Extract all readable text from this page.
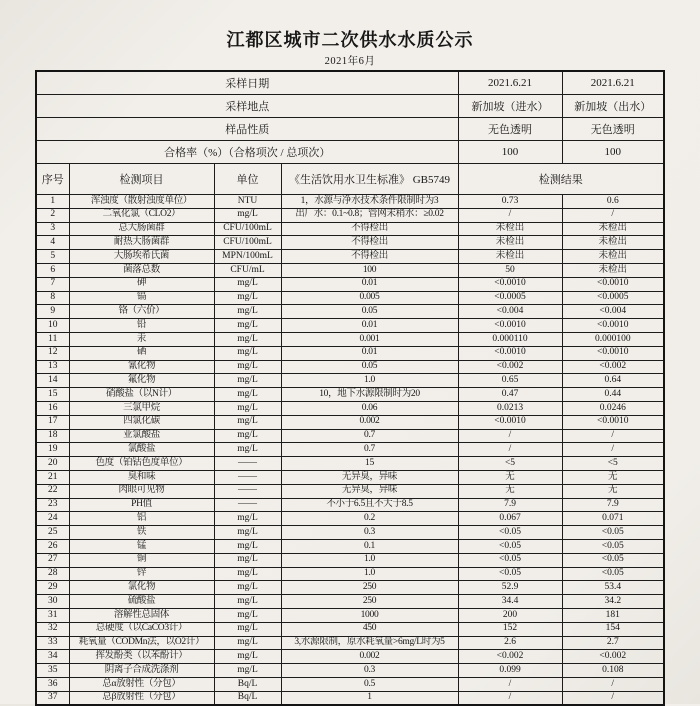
江都区城市二次供水水质公示
2021年6月
采样日期				2021.6.21	2021.6.21
采样地点				新加坡（进水）	新加坡（出水）
样品性质				无色透明	无色透明
合格率（%）（合格项次 / 总项次）				100	100
序号	检测项目	单位	《生活饮用水卫生标准》 GB5749	检测结果	
1	浑浊度（散射浊度单位）	NTU	1，水源与净水技术条件限制时为3	0.73	0.6
2	二氧化氯（CLO2）	mg/L	出厂水：0.1~0.8；管网末稍水：≥0.02	/	/
3	总大肠菌群	CFU/100mL	不得检出	未检出	未检出
4	耐热大肠菌群	CFU/100mL	不得检出	未检出	未检出
5	大肠埃希氏菌	MPN/100mL	不得检出	未检出	未检出
6	菌落总数	CFU/mL	100	50	未检出
7	砷	mg/L	0.01	<0.0010	<0.0010
8	镉	mg/L	0.005	<0.0005	<0.0005
9	铬（六价）	mg/L	0.05	<0.004	<0.004
10	铅	mg/L	0.01	<0.0010	<0.0010
11	汞	mg/L	0.001	0.000110	0.000100
12	硒	mg/L	0.01	<0.0010	<0.0010
13	氰化物	mg/L	0.05	<0.002	<0.002
14	氟化物	mg/L	1.0	0.65	0.64
15	硝酸盐（以N计）	mg/L	10，地下水源限制时为20	0.47	0.44
16	三氯甲烷	mg/L	0.06	0.0213	0.0246
17	四氯化碳	mg/L	0.002	<0.0010	<0.0010
18	亚氯酸盐	mg/L	0.7	/	/
19	氯酸盐	mg/L	0.7	/	/
20	色度（铂钴色度单位）	——	15	<5	<5
21	臭和味	——	无异臭，异味	无	无
22	肉眼可见物	——	无异臭，异味	无	无
23	PH值	——	不小于6.5且不大于8.5	7.9	7.9
24	铝	mg/L	0.2	0.067	0.071
25	铁	mg/L	0.3	<0.05	<0.05
26	锰	mg/L	0.1	<0.05	<0.05
27	铜	mg/L	1.0	<0.05	<0.05
28	锌	mg/L	1.0	<0.05	<0.05
29	氯化物	mg/L	250	52.9	53.4
30	硫酸盐	mg/L	250	34.4	34.2
31	溶解性总固体	mg/L	1000	200	181
32	总硬度（以CaCO3计）	mg/L	450	152	154
33	耗氧量（CODMn法，以O2计）	mg/L	3,水源限制，原水耗氧量>6mg/L时为5	2.6	2.7
34	挥发酚类（以苯酚计）	mg/L	0.002	<0.002	<0.002
35	阴离子合成洗涤剂	mg/L	0.3	0.099	0.108
36	总α放射性（分包）	Bq/L	0.5	/	/
37	总β放射性（分包）	Bq/L	1	/	/
